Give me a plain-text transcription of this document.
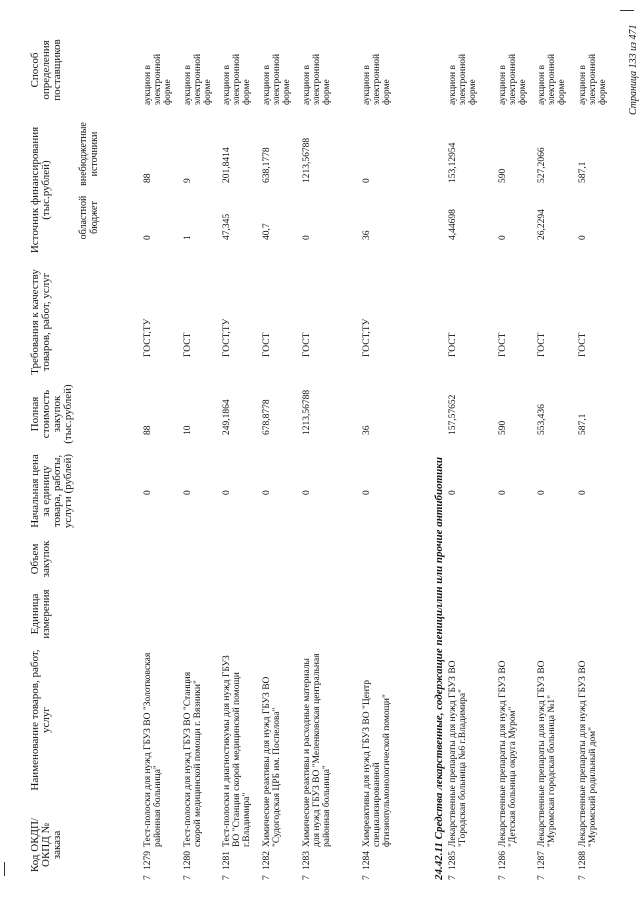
Код ОКДП/ ОКПД № заказа
Наименование товаров, работ, услуг
Единица измерения
Объем закупок
Начальная цена за единицу товара, работы, услуги (рублей)
Полная стоимость закупок (тыс.рублей)
Требования к качеству товаров, работ, услуг
Источник финансирования (тыс.рублей)	областной бюджет
внебюджетные источники
Способ определения поставщиков
7
1279
Тест-полоски для нужд ГБУЗ ВО "Золотковская районная больница"
0
88
ГОСТ,ТУ
0
88
аукцион в электронной форме
7
1280
Тест-полоски для нужд ГБУЗ ВО "Станция скорой медицинской помощи г. Вязники"
0
10
ГОСТ
1
9
аукцион в электронной форме
7
1281
Тест-полоски и диагностикумы для нужд ГБУЗ ВО "Станция скорой медицинской помощи г.Владимира"
0
249,1864
ГОСТ,ТУ
47,345
201,8414
аукцион в электронной форме
7
1282
Химические реактивы для нужд ГБУЗ ВО "Судогодская ЦРБ им. Поспелова"
0
678,8778
ГОСТ
40,7
638,1778
аукцион в электронной форме
7
1283
Химические реактивы и расходные материалы для нужд ГБУЗ ВО "Меленковская центральная районная больница"
0
1213,56788
ГОСТ
0
1213,56788
аукцион в электронной форме
7
1284
Химреактивы для нужд ГБУЗ ВО "Центр специализированной фтизиопульмонологической помощи"
0
36
ГОСТ,ТУ
36
0
аукцион в электронной форме
24.42.11 Средства лекарственные, содержащие пенициллин или прочие антибиотики 7
1285
Лекарственные препараты для нужд ГБУЗ ВО "Городская больница №6 г.Владимира"
0
157,57652
ГОСТ
4,44698
153,12954
аукцион в электронной форме
7
1286
Лекарственные препараты для нужд ГБУЗ ВО "Детская больница округа Муром"
0
590
ГОСТ
0
590
аукцион в электронной форме
7
1287
Лекарственные препараты для нужд ГБУЗ ВО "Муромская городская больница №1"
0
553,436
ГОСТ
26,2294
527,2066
аукцион в электронной форме
7
1288
Лекарственные препараты для нужд ГБУЗ ВО "Муромский родильный дом"
0
587,1
ГОСТ
0
587,1
аукцион в электронной форме Страница 133 из 471
